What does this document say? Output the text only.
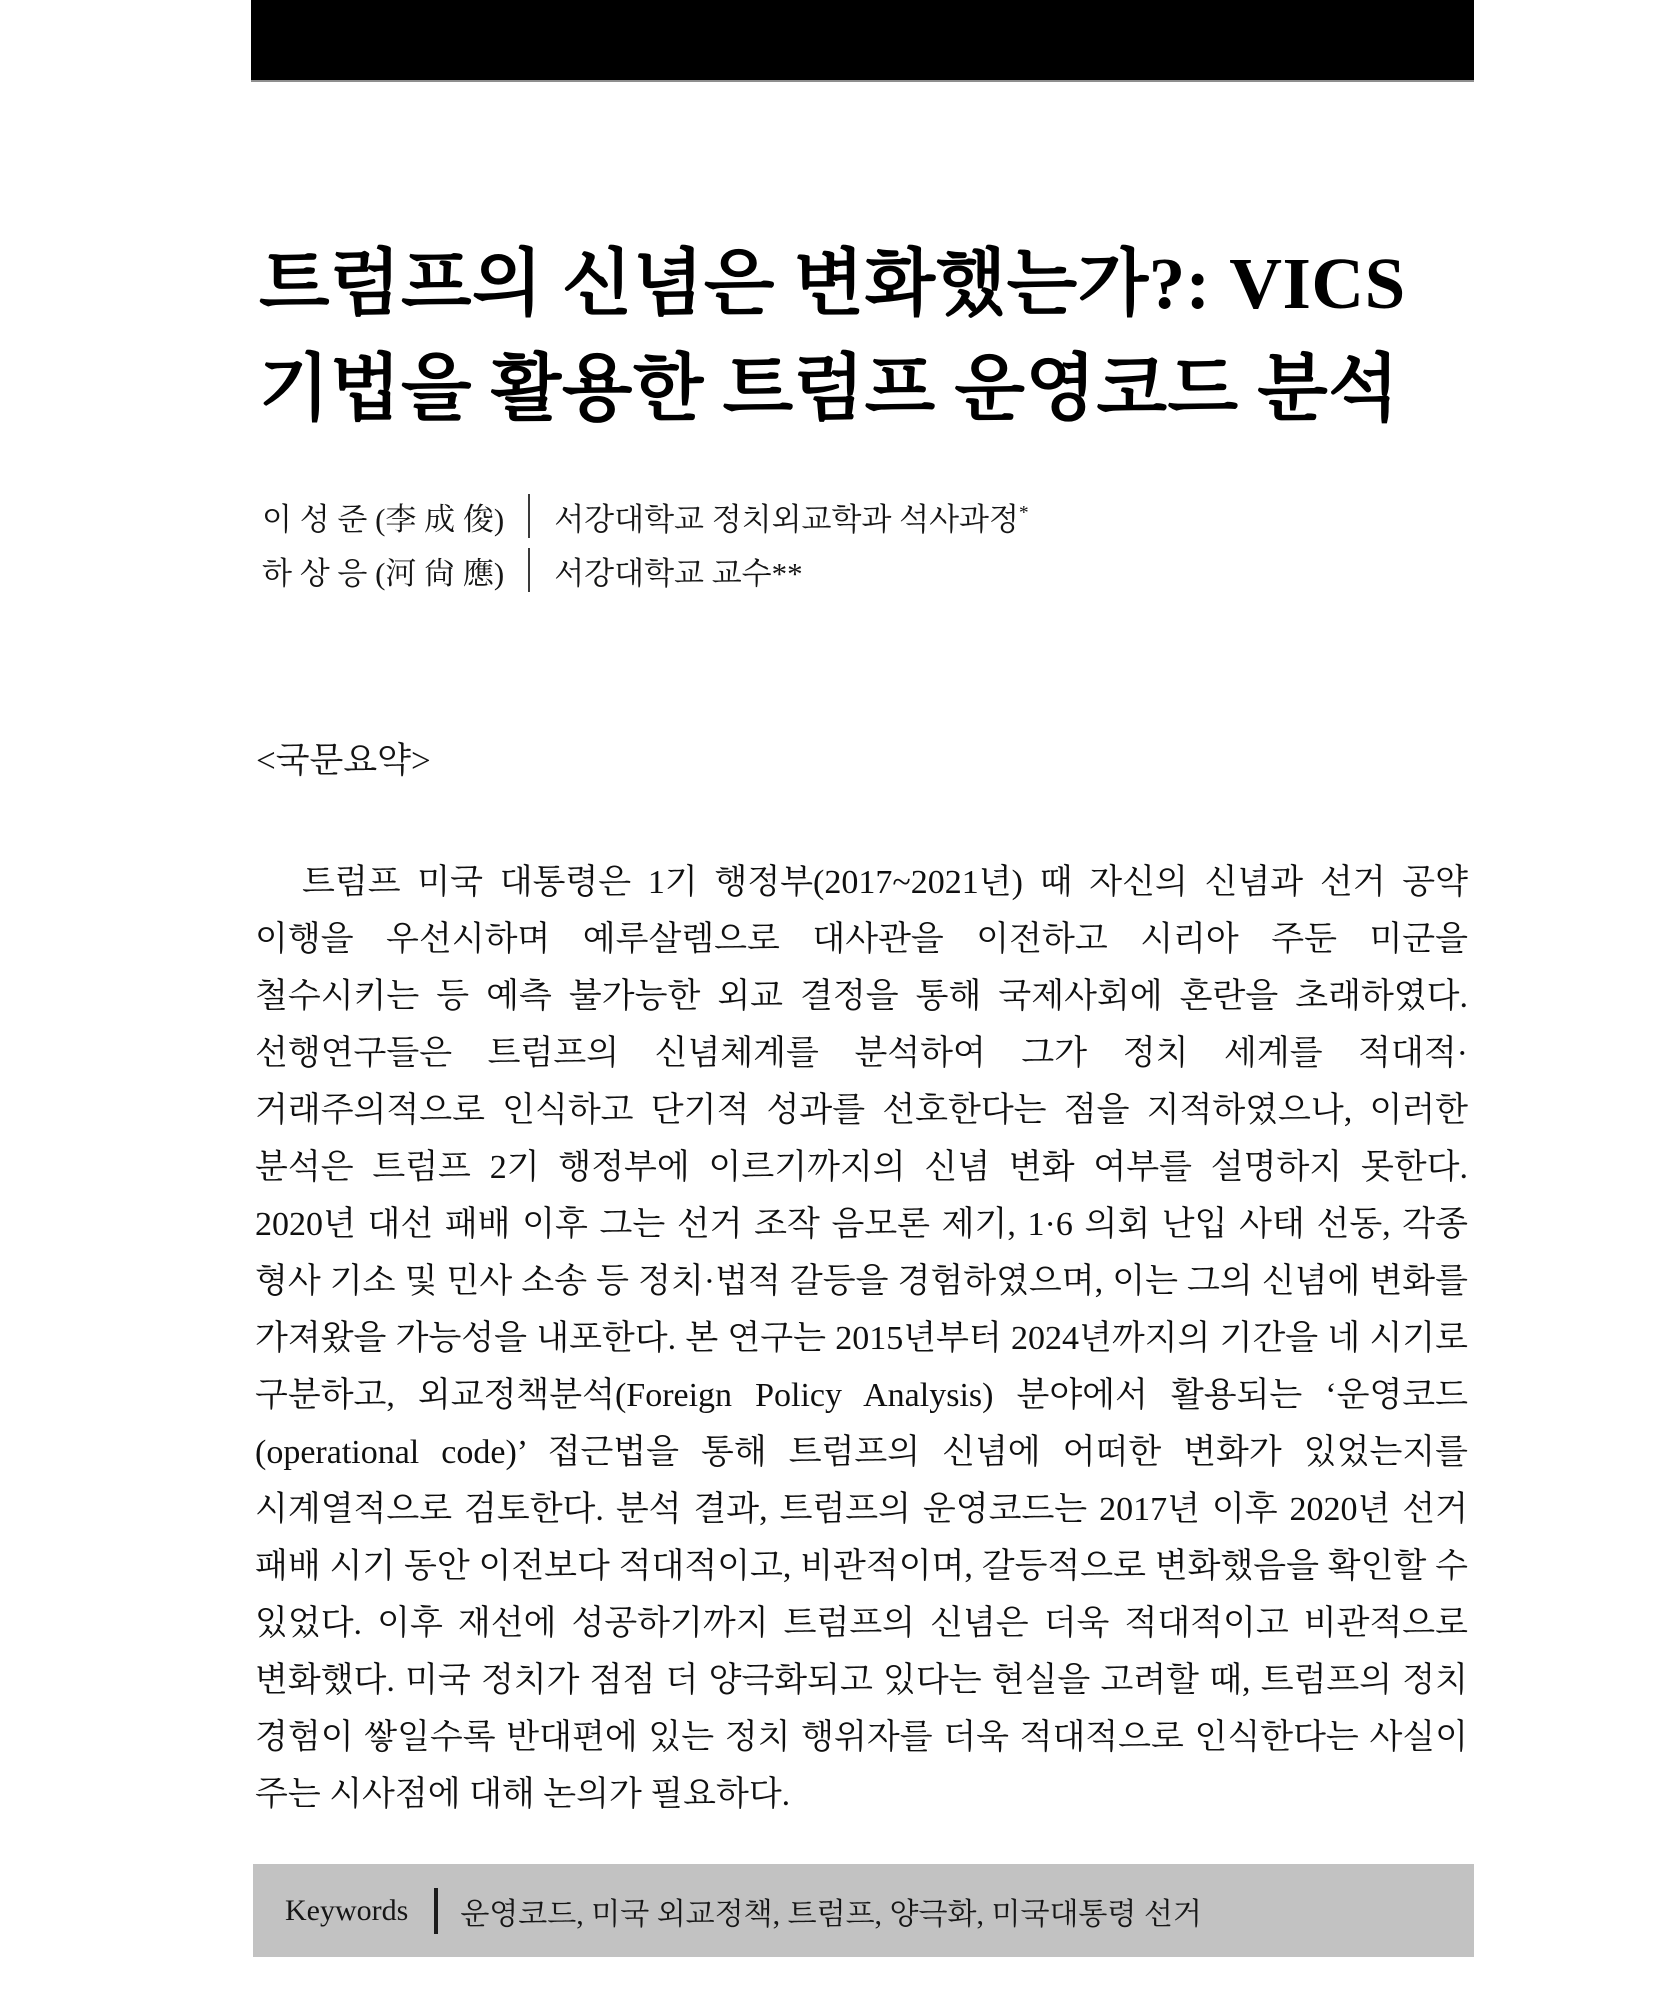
트럼프의 신념은 변화했는가?: VICS
기법을 활용한 트럼프 운영코드 분석
이 성 준 (李 成 俊) 서강대학교 정치외교학과 석사과정*
하 상 응 (河 尙 應) 서강대학교 교수**
<국문요약>

트럼프 미국 대통령은 1기 행정부(2017~2021년) 때 자신의 신념과 선거 공약 이행을 우선시하며 예루살렘으로 대사관을 이전하고 시리아 주둔 미군을 철수시키는 등 예측 불가능한 외교 결정을 통해 국제사회에 혼란을 초래하였다. 선행연구들은 트럼프의 신념체계를 분석하여 그가 정치 세계를 적대적·거래주의적으로 인식하고 단기적 성과를 선호한다는 점을 지적하였으나, 이러한 분석은 트럼프 2기 행정부에 이르기까지의 신념 변화 여부를 설명하지 못한다. 2020년 대선 패배 이후 그는 선거 조작 음모론 제기, 1·6 의회 난입 사태 선동, 각종 형사 기소 및 민사 소송 등 정치·법적 갈등을 경험하였으며, 이는 그의 신념에 변화를 가져왔을 가능성을 내포한다. 본 연구는 2015년부터 2024년까지의 기간을 네 시기로 구분하고, 외교정책분석(Foreign Policy Analysis) 분야에서 활용되는 ‘운영코드(operational code)’ 접근법을 통해 트럼프의 신념에 어떠한 변화가 있었는지를 시계열적으로 검토한다. 분석 결과, 트럼프의 운영코드는 2017년 이후 2020년 선거 패배 시기 동안 이전보다 적대적이고, 비관적이며, 갈등적으로 변화했음을 확인할 수 있었다. 이후 재선에 성공하기까지 트럼프의 신념은 더욱 적대적이고 비관적으로 변화했다. 미국 정치가 점점 더 양극화되고 있다는 현실을 고려할 때, 트럼프의 정치 경험이 쌓일수록 반대편에 있는 정치 행위자를 더욱 적대적으로 인식한다는 사실이 주는 시사점에 대해 논의가 필요하다.

Keywords 운영코드, 미국 외교정책, 트럼프, 양극화, 미국대통령 선거
